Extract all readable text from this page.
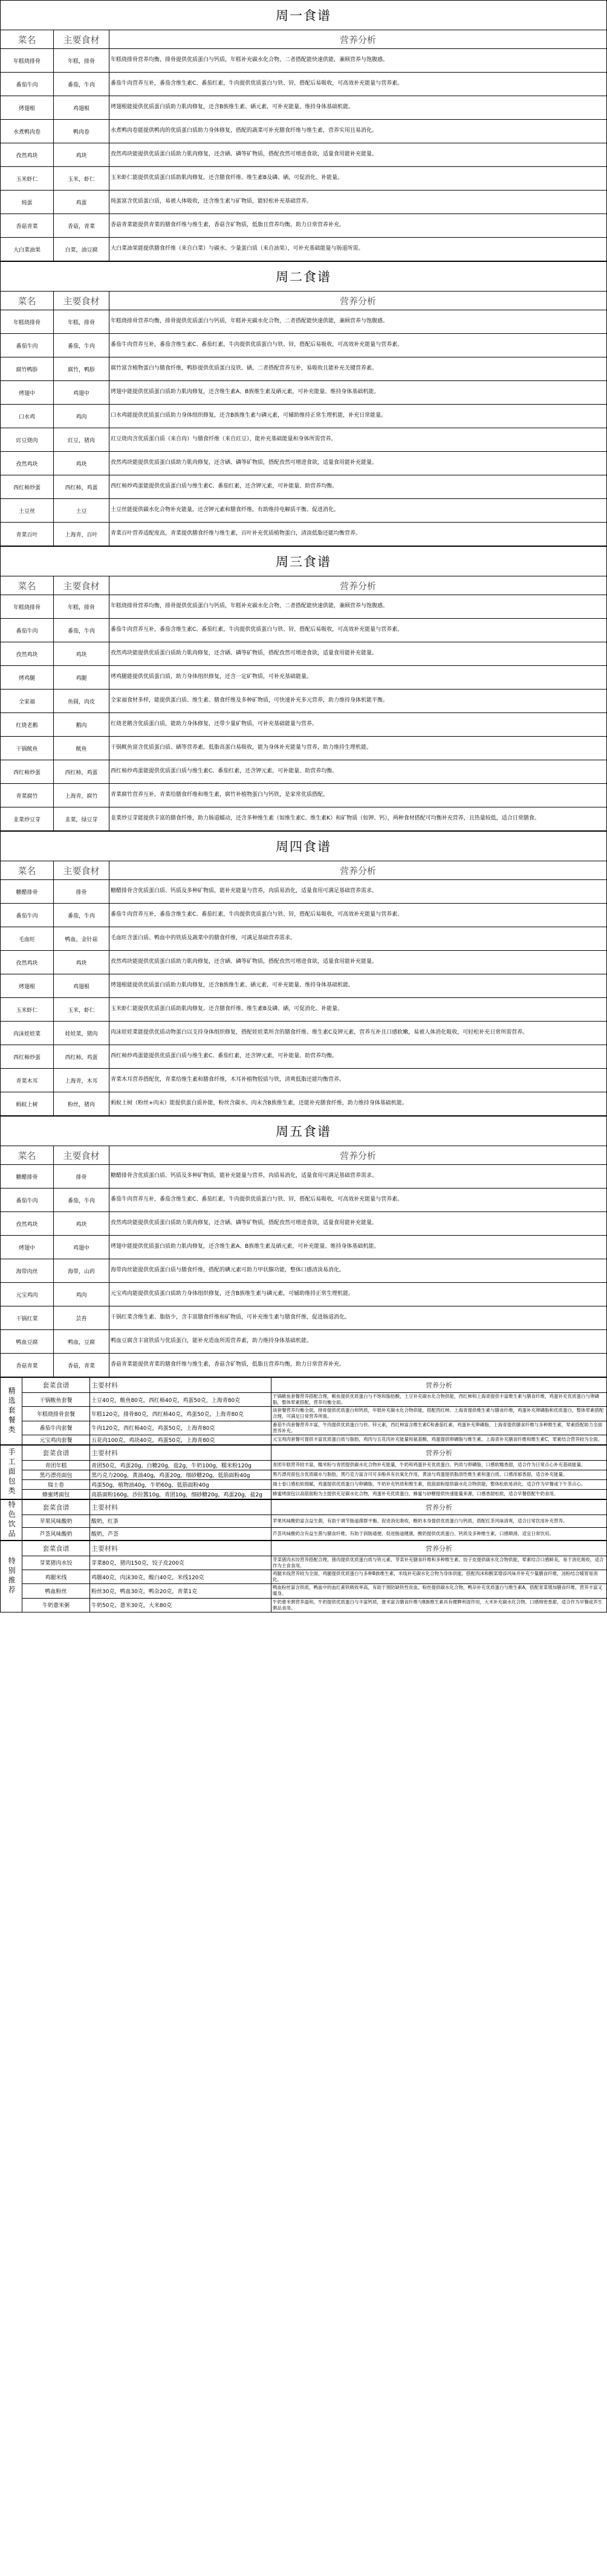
周一食谱		
菜名	主要食材	营养分析
年糕烧排骨	年糕，排骨	年糕烧排骨营养均衡，排骨提供优质蛋白与钙质，年糕补充碳水化合物，二者搭配能快速供能，兼顾营养与饱腹感。
番茄牛肉	番茄，牛肉	番茄牛肉营养互补，番茄含维生素C、番茄红素，牛肉提供优质蛋白与铁、锌，搭配后易吸收，可高效补充能量与营养素。
烤翅根	鸡翅根	烤翅根能提供优质蛋白质助力肌肉修复，还含B族维生素、硒元素，可补充能量、维持身体基础机能。
水煮鸭肉卷	鸭肉卷	水煮鸭肉卷能提供鸭肉的优质蛋白质助力身体修复，搭配的蔬菜可补充膳食纤维与维生素，营养实用且易消化。
孜然鸡块	鸡块	孜然鸡块能提供优质蛋白质助力肌肉修复，还含硒、磷等矿物质，搭配孜然可增进食欲，适量食用能补充能量。
玉米虾仁	玉米，虾仁	玉米虾仁能提供优质蛋白质助肌肉修复，还含膳食纤维、维生素B及磷、硒，可促消化、补能量。
炖蛋	鸡蛋	炖蛋富含优质蛋白质，易被人体吸收，还含维生素与矿物质，能轻松补充基础营养。
香菇青菜	香菇，青菜	香菇青菜能提供青菜的膳食纤维与维生素，香菇含矿物质，低脂且营养均衡，助力日常营养补充。
大白菜油果	白菜，油豆腐	大白菜油果能提供膳食纤维（来自白菜）与碳水、少量蛋白质（来自油果），可补充基础能量与肠道所需。
周二食谱		
菜名	主要食材	营养分析
年糕烧排骨	年糕，排骨	年糕烧排骨营养均衡，排骨提供优质蛋白与钙质，年糕补充碳水化合物，二者搭配能快速供能，兼顾营养与饱腹感。
番茄牛肉	番茄，牛肉	番茄牛肉营养互补，番茄含维生素C、番茄红素，牛肉提供优质蛋白与铁、锌，搭配后易吸收，可高效补充能量与营养素。
腐竹鸭胗	腐竹，鸭胗	腐竹富含植物蛋白与膳食纤维，鸭胗提供优质蛋白及铁、硒，二者搭配营养互补，易吸收且能补充关键营养素。
烤翅中	鸡翅中	烤翅中能提供优质蛋白质助力肌肉修复，还含维生素A、B族维生素及硒元素，可补充能量、维持身体基础机能。
口水鸡	鸡肉	口水鸡能提供优质蛋白质助力身体组织修复，还含B族维生素与磷元素，可辅助维持正常生理机能，补充日常能量。
豇豆烧肉	豇豆，猪肉	豇豆烧肉含优质蛋白质（来自肉）与膳食纤维（来自豇豆），能补充基础能量和身体所需营养。
孜然鸡块	鸡块	孜然鸡块能提供优质蛋白质助力肌肉修复，还含硒、磷等矿物质，搭配孜然可增进食欲，适量食用能补充能量。
西红柿炒蛋	西红柿，鸡蛋	西红柿炒鸡蛋能提供优质蛋白质与维生素C、番茄红素，还含钾元素，可补能量、助营养均衡。
土豆丝	土豆	土豆丝能提供碳水化合物补充能量，还含钾元素和膳食纤维，有助维持电解质平衡、促进消化。
青菜百叶	上海青，百叶	青菜百叶营养适配度高，青菜提供膳食纤维与维生素，百叶补充优质植物蛋白，清淡低脂还能均衡营养。
周三食谱		
菜名	主要食材	营养分析
年糕烧排骨	年糕，排骨	年糕烧排骨营养均衡，排骨提供优质蛋白与钙质，年糕补充碳水化合物，二者搭配能快速供能，兼顾营养与饱腹感。
番茄牛肉	番茄，牛肉	番茄牛肉营养互补，番茄含维生素C、番茄红素，牛肉提供优质蛋白与铁、锌，搭配后易吸收，可高效补充能量与营养素。
孜然鸡块	鸡块	孜然鸡块能提供优质蛋白质助力肌肉修复，还含硒、磷等矿物质，搭配孜然可增进食欲，适量食用能补充能量。
烤鸡腿	鸡腿	烤鸡腿能提供优质蛋白质，助力身体组织修复，还含一定矿物质，可补充基础能量。
全家福	鱼圆，肉皮	全家福食材多样，能提供蛋白质、维生素、膳食纤维及多种矿物质，可快速补充多元营养，助力维持身体机能平衡。
红烧老鹅	鹅肉	红烧老鹅含优质蛋白质，能助力身体修复，还带少量矿物质，可补充基础能量与营养。
干锅鱿鱼	鱿鱼	干锅鱿鱼富含优质蛋白质、硒等营养素，低脂高蛋白易吸收，能为身体补充能量与营养，助力维持生理机能。
西红柿炒蛋	西红柿，鸡蛋	西红柿炒鸡蛋能提供优质蛋白质与维生素C、番茄红素，还含钾元素，可补能量、助营养均衡。
青菜腐竹	上海青，腐竹	青菜腐竹营养互补，青菜给膳食纤维和维生素，腐竹补植物蛋白与钙铁，是家常优质搭配。
韭菜炒豆芽	韭菜，绿豆芽	韭菜炒豆芽能提供丰富的膳食纤维，助力肠道蠕动，还含多种维生素（如维生素C、维生素K）和矿物质（如钾、钙），两种食材搭配可均衡补充营养，且热量较低，适合日常膳食。
周四食谱		
菜名	主要食材	营养分析
糖醋排骨	排骨	糖醋排骨含优质蛋白质、钙质及多种矿物质，能补充能量与营养，肉质易消化，适量食用可满足基础营养需求。
番茄牛肉	番茄，牛肉	番茄牛肉营养互补，番茄含维生素C、番茄红素，牛肉提供优质蛋白与铁、锌，搭配后易吸收，可高效补充能量与营养素。
毛血旺	鸭血，金针菇	毛血旺含蛋白质、鸭血中的铁质及蔬菜中的膳食纤维，可满足基础营养需求。
孜然鸡块	鸡块	孜然鸡块能提供优质蛋白质助力肌肉修复，还含硒、磷等矿物质，搭配孜然可增进食欲，适量食用能补充能量。
烤翅根	鸡翅根	烤翅根能提供优质蛋白质助力肌肉修复，还含B族维生素、硒元素，可补充能量、维持身体基础机能。
玉米虾仁	玉米，虾仁	玉米虾仁能提供优质蛋白质助肌肉修复，还含膳食纤维、维生素B及磷、硒，可促消化、补能量。
肉沫娃娃菜	娃娃菜，猪肉	肉沫娃娃菜能提供优质动物蛋白以支持身体组织修复，搭配娃娃菜所含的膳食纤维、维生素C及钾元素，营养互补且口感软嫩，易被人体消化吸收，可轻松补充日常所需营养。
西红柿炒蛋	西红柿，鸡蛋	西红柿炒鸡蛋能提供优质蛋白质与维生素C、番茄红素，还含钾元素，可补能量、助营养均衡。
青菜木耳	上海青，木耳	青菜木耳营养搭配优，青菜给维生素和膳食纤维，木耳补植物胶质与铁，清爽低脂还能均衡营养。
蚂蚁上树	粉丝，猪肉	蚂蚁上树（粉丝+肉末）能提供蛋白质补能，粉丝含碳水、肉末含B族维生素，还能补充膳食纤维，助力维持身体基础机能。
周五食谱		
菜名	主要食材	营养分析
糖醋排骨	排骨	糖醋排骨含优质蛋白质、钙质及多种矿物质，能补充能量与营养，肉质易消化，适量食用可满足基础营养需求。
番茄牛肉	番茄，牛肉	番茄牛肉营养互补，番茄含维生素C、番茄红素，牛肉提供优质蛋白与铁、锌，搭配后易吸收，可高效补充能量与营养素。
孜然鸡块	鸡块	孜然鸡块能提供优质蛋白质助力肌肉修复，还含硒、磷等矿物质，搭配孜然可增进食欲，适量食用能补充能量。
烤翅中	鸡翅中	烤翅中能提供优质蛋白质助力肌肉修复，还含维生素A、B族维生素及硒元素，可补充能量、维持身体基础机能。
海带肉丝	海带，山药	海带肉丝能提供优质蛋白质与膳食纤维，搭配的碘元素可助力甲状腺功能，整体口感清淡易消化。
元宝鸡肉	鸡肉	元宝鸡肉能提供优质蛋白质助力身体组织修复，还含B族维生素与磷元素，可辅助维持正常生理机能。
干锅红菜	芸苔	干锅红菜含维生素、脂肪少，含丰富膳食纤维和矿物质，可补充维生素与膳食纤维，促进肠道消化。
鸭血豆腐	鸭血，豆腐	鸭血豆腐含丰富铁质与优质蛋白，能补充造血所需营养素，助力维持身体基础机能。
香菇青菜	香菇，青菜	香菇青菜能提供青菜的膳食纤维与维生素，香菇含矿物质，低脂且营养均衡，助力日常营养补充。
精选套餐类	套菜食谱	主要材料	营养分析
	干锅鲅鱼套餐	土豆40克，鲅鱼80克，西红柿40克，鸡蛋50克，上海青80克	干锅鲅鱼套餐营养搭配合理，鲅鱼提供优质蛋白与不饱和脂肪酸，土豆补充碳水化合物供能，西红柿和上海青提供丰富维生素与膳食纤维，鸡蛋补充优质蛋白与卵磷脂，整体荤素搭配，营养均衡全面。
	年糕烧排骨套餐	年糕120克，排骨80克，西红柿40克，鸡蛋50克，上海青80克	该套餐营养均衡全面，排骨提供优质蛋白和钙质，年糕补充碳水化合物供能，搭配西红柿、上海青提供维生素与膳食纤维，鸡蛋补充卵磷脂和优质蛋白，整体荤素搭配合理，可满足日常营养所需。
	番茄牛肉套餐	牛肉120克，西红柿40克，鸡蛋50克，上海青80克	番茄牛肉套餐营养丰富，牛肉提供优质蛋白与铁、锌元素，西红柿富含维生素C和番茄红素，鸡蛋补充卵磷脂，上海青提供膳食纤维与多种维生素，荤素搭配助力全面营养补充。
	元宝鸡肉套餐	五花肉100克，鸡块40克，鸡蛋50克，上海青80克	元宝鸡肉套餐可提供丰富优质蛋白质与脂肪，鸡肉与五花肉补充能量和氨基酸，鸡蛋提供卵磷脂与维生素，上海青补充膳食纤维和维生素C，荤素结合营养较为全面。
手工面包类	套菜食谱	主要材料	营养分析
	青团年糕	青团50克，鸡蛋20g，白糖20g，盐2g，牛奶100g，糯米粉120g	青团年糕营养较丰富，糯米粉与青团提供碳水化合物补充能量，牛奶和鸡蛋补充优质蛋白、钙质与卵磷脂，口感软糯香甜，适合作为日常点心补充基础能量。
	黑巧漂亮面包	黑巧克力200g，黄油40g，鸡蛋20g，细砂糖20g，低筋面粉40g	黑巧漂亮面包含优质碳水与脂肪，黑巧克力富含可可多酚具有抗氧化作用，黄油与鸡蛋提供脂溶性维生素和蛋白质，口感浓郁香甜，适合补充能量。
	瑞士卷	鸡蛋50g，植物油40g，牛奶60g，低筋面粉40g	瑞士卷口感松软细腻，鸡蛋提供优质蛋白与卵磷脂，牛奶补充钙质和维生素，低筋面粉提供碳水化合物供能，整体松软易消化，适合作为早餐或下午茶点心。
	蜂蜜烤面包	高筋面粉160g，沙拉酱10g，青团10g，细砂糖20g，鸡蛋20g，盐2g	蜂蜜烤面包以高筋面粉为主提供充足碳水化合物，鸡蛋补充优质蛋白，蜂蜜与砂糖提供快速能量来源，口感香甜松软，适合早餐搭配牛奶食用。
特色饮品	套菜食谱	主要材料	营养分析
	苹果风味酸奶	酸奶，红茶	苹果风味酸奶富含益生菌，有助于调节肠道菌群平衡、促进消化吸收，酸奶本身提供优质蛋白与钙质，搭配红茶风味清爽，适合日常饮用补充营养。
	芦荟风味酸奶	酸奶，芦荟	芦荟风味酸奶含有益生菌与膳食纤维，有助于润肠通便、促进肠道健康，酸奶提供优质蛋白、钙质及多种维生素，口感顺滑，适宜日常饮用。
特别推荐	套菜食谱	主要材料	营养分析
	芽菜猪肉水饺	芽菜80克，猪肉150克，饺子皮200克	芽菜猪肉水饺营养搭配合理，猪肉提供优质蛋白质与铁元素，芽菜补充膳食纤维和多种维生素，饺子皮提供碳水化合物供能，荤素结合口感鲜美，易于消化吸收，适合作为主食食用。
	鸡腿米线	鸡腿40克，肉沫30克，酸白40克，米线120克	鸡腿米线营养较为全面，鸡腿提供优质蛋白与多种B族维生素，米线补充碳水化合物为身体供能，搭配肉沫和酸菜增添风味并补充少量膳食纤维，汤粉结合暖胃易消化。
	鸭血粉丝	粉丝30克，鸭血30克，鸭杂20克，青菜1克	鸭血粉丝富含铁质，鸭血中的血红素铁吸收率高，有助于预防缺铁性贫血，粉丝提供碳水化合物，鸭杂补充优质蛋白与维生素A，搭配青菜增加膳食纤维，营养丰富又暖身。
	牛奶薏米粥	牛奶50克，薏米30克，大米80克	牛奶薏米粥营养温和，牛奶提供优质蛋白与丰富钙质，薏米富含膳食纤维与B族维生素具有健脾利湿作用，大米补充碳水化合物，口感绵密香甜，适合作为早餐或养生粥品食用。
